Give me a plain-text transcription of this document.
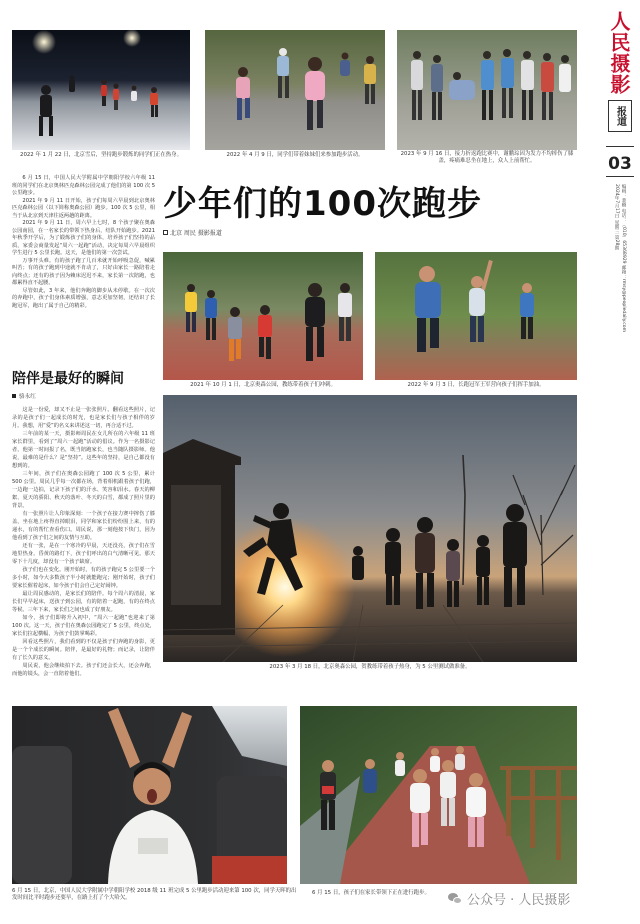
人民摄影
报道
03
2024年7月17日 星期三 第28期 编辑：裴楠 电话：（010）65368929 邮箱：rmsy@peopledaily.com
2022 年 1 月 22 日，北京雪后，坚持跑步锻炼的同学们正在热身。	2022 年 4 月 9 日，同学们带着妹妹们来参加跑步活动。	2023 年 9 月 16 日，接力折返跑比赛中，谢鹏琮因为发力不均摔伤了膝盖，疼痛难忍坐在地上，众人上前帮忙。

6 月 15 日，中国人民大学附属中学朝阳学校六年级 11 班的同学们在北京奥林匹克森林公园完成了他们的第 100 次 5 公里跑步。

2021 年 9 月 11 日开始，孩子们每周六早晨到北京奥林匹克森林公园（以下简称奥森公园）跑步。100 次 5 公里，相当于从北京到天津往返两趟的距离。

2021 年 9 月 11 日，周六早上七时，8 个孩子聚在奥森公园南园，在一名家长的带领下热身后，结队开始跑步。2021 年秋季开学后，为了锻炼孩子们的身体，培养孩子们坚持的品质，家委会商量发起“周六一起跑”活动，决定每周六早晨组织学生进行 5 公里长跑。这天，是他们的第一次尝试。

万事开头难。有的孩子跑了几百米就开始呼吸急促，喊累叫苦；有的孩子跑到中途就不肯动了，只好由家长一路陪着走向终点；还有的孩子因为赖床迟迟不来，家长第一次陪跑，也都累得直不起腰。

尽管如此，3 年来，他们奔跑的脚步从未停歇。在一次次的奔跑中，孩子们身体素质增强，意志更加坚韧，还结识了长跑冠军，跑出了属于自己的精彩。

少年们的100次跑步
北京 周民 摄影报道
2021 年 10 月 1 日，北京奥森公园，教练带着孩子们冲刺。	2022 年 9 月 3 日，长跑冠军王军营向孩子们挥手加油。
陪伴是最好的瞬间
骆永红

这是一份爱，却又不止是一张张照片。翻看这些照片，记录的是孩子们一起成长的时光，也是家长们与孩子相伴的岁月。我想，用“爱”的名义来讲述这一切，再合适不过。

三年前的某一天，摄影师周民在女儿所在的六年级 11 班家长群里，看到了“周六一起跑”活动的倡议。作为一名摄影记者，他第一时间报了名，既当陪跑家长，也当随队摄影师。他说，最难的是什么？是“坚持”。这些年的坚持，是自己都没有想到的。

三年间，孩子们在奥森公园跑了 100 次 5 公里，累计 500 公里。周民几乎每一次都在场，背着相机跟着孩子们跑，一边跑一边拍，记录下孩子们的汗水、笑容和泪水。春天的柳絮、夏天的骄阳、秋天的落叶、冬天的白雪，都成了照片里的背景。

有一张照片让人印象深刻：一个孩子在接力赛中摔伤了膝盖，坐在地上疼得直掉眼泪，同学和家长们纷纷围上来，有的递水，有的帮忙查看伤口。周民说，那一刻他按下快门，因为他看到了孩子们之间的友情与互助。

还有一张，是在一个寒冷的早晨，天还没亮，孩子们在雪地里热身。昏黄的路灯下，孩子们呼出的白气清晰可见。那天零下十几度，却没有一个孩子缺席。

孩子们也在变化。刚开始时，有的孩子跑完 5 公里要一个多小时，如今大多数孩子半小时就能跑完；刚开始时，孩子们要家长催着起床，如今孩子们会自己定好闹钟。

最让周民感动的，是家长们的陪伴。每个周六的清晨，家长们早早起床，送孩子到公园，有的陪着一起跑，有的在终点等候。三年下来，家长们之间也成了好朋友。

如今，孩子们即将升入初中，“周六一起跑”也迎来了第 100 次。这一天，孩子们在奥森公园跑完了 5 公里，终点处，家长们拉起横幅，为孩子们鼓掌喝彩。

回看这些照片，我们看到的不仅是孩子们奔跑的身影，更是一个个成长的瞬间。陪伴，是最好的礼物；而记录，让陪伴有了长久的意义。

周民说，他会继续拍下去。孩子们还会长大，还会奔跑，而他的镜头，会一直陪着他们。

2023 年 3 月 18 日，北京奥森公园，贺教练带着孩子热身，为 5 公里测试做准备。
6 月 15 日，北京，中国人民大学附属中学朝阳学校 2018 级 11 班完成 5 公里跑步活动迎来第 100 次，同学天晖的出发时间比平时跑步还要早，在路上打了个大哈欠。
6 月 15 日，孩子们在家长带领下正在进行跑步。	公众号 · 人民摄影
